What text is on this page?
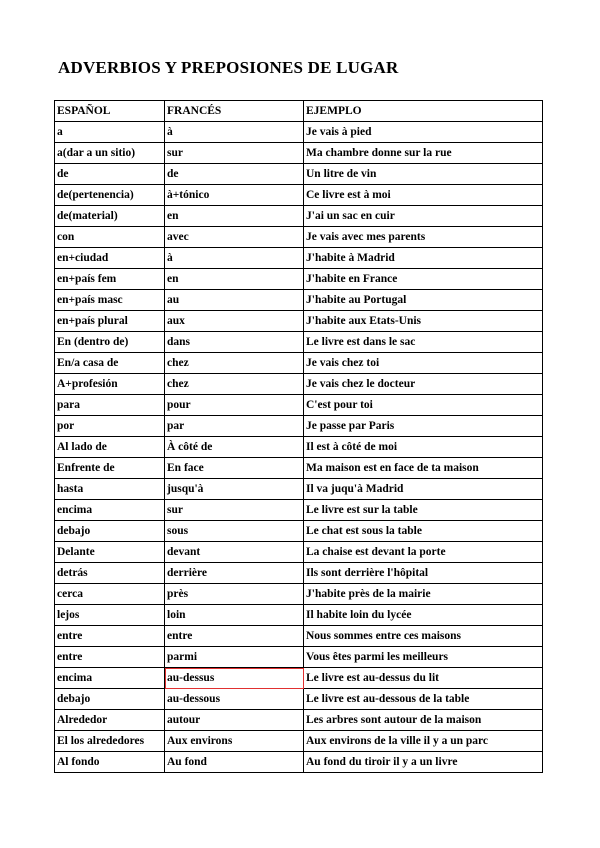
ADVERBIOS Y PREPOSIONES DE LUGAR
ESPAÑOL	FRANCÉS	EJEMPLO
a	à	Je vais à pied
a(dar a un sitio)	sur	Ma chambre donne sur la rue
de	de	Un litre de vin
de(pertenencia)	à+tónico	Ce livre est à moi
de(material)	en	J'ai un sac en cuir
con	avec	Je vais avec mes parents
en+ciudad	à	J'habite à Madrid
en+país fem	en	J'habite en France
en+país masc	au	J'habite au Portugal
en+país plural	aux	J'habite aux Etats-Unis
En (dentro de)	dans	Le livre est dans le sac
En/a casa de	chez	Je vais chez toi
A+profesión	chez	Je vais chez le docteur
para	pour	C'est pour toi
por	par	Je passe par Paris
Al lado de	À côté de	Il est à côté de moi
Enfrente de	En face	Ma maison est en face de ta maison
hasta	jusqu'à	Il va juqu'à Madrid
encima	sur	Le livre est sur la table
debajo	sous	Le chat est sous la table
Delante	devant	La chaise est devant la porte
detrás	derrière	Ils sont derrière l'hôpital
cerca	près	J'habite près de la mairie
lejos	loin	Il habite loin du lycée
entre	entre	Nous sommes entre ces maisons
entre	parmi	Vous êtes parmi les meilleurs
encima	au-dessus	Le livre est au-dessus du lit
debajo	au-dessous	Le livre est au-dessous de la table
Alrededor	autour	Les arbres sont autour de la maison
El los alrededores	Aux environs	Aux environs de la ville il y a un parc
Al fondo	Au fond	Au fond du tiroir il y a un livre
